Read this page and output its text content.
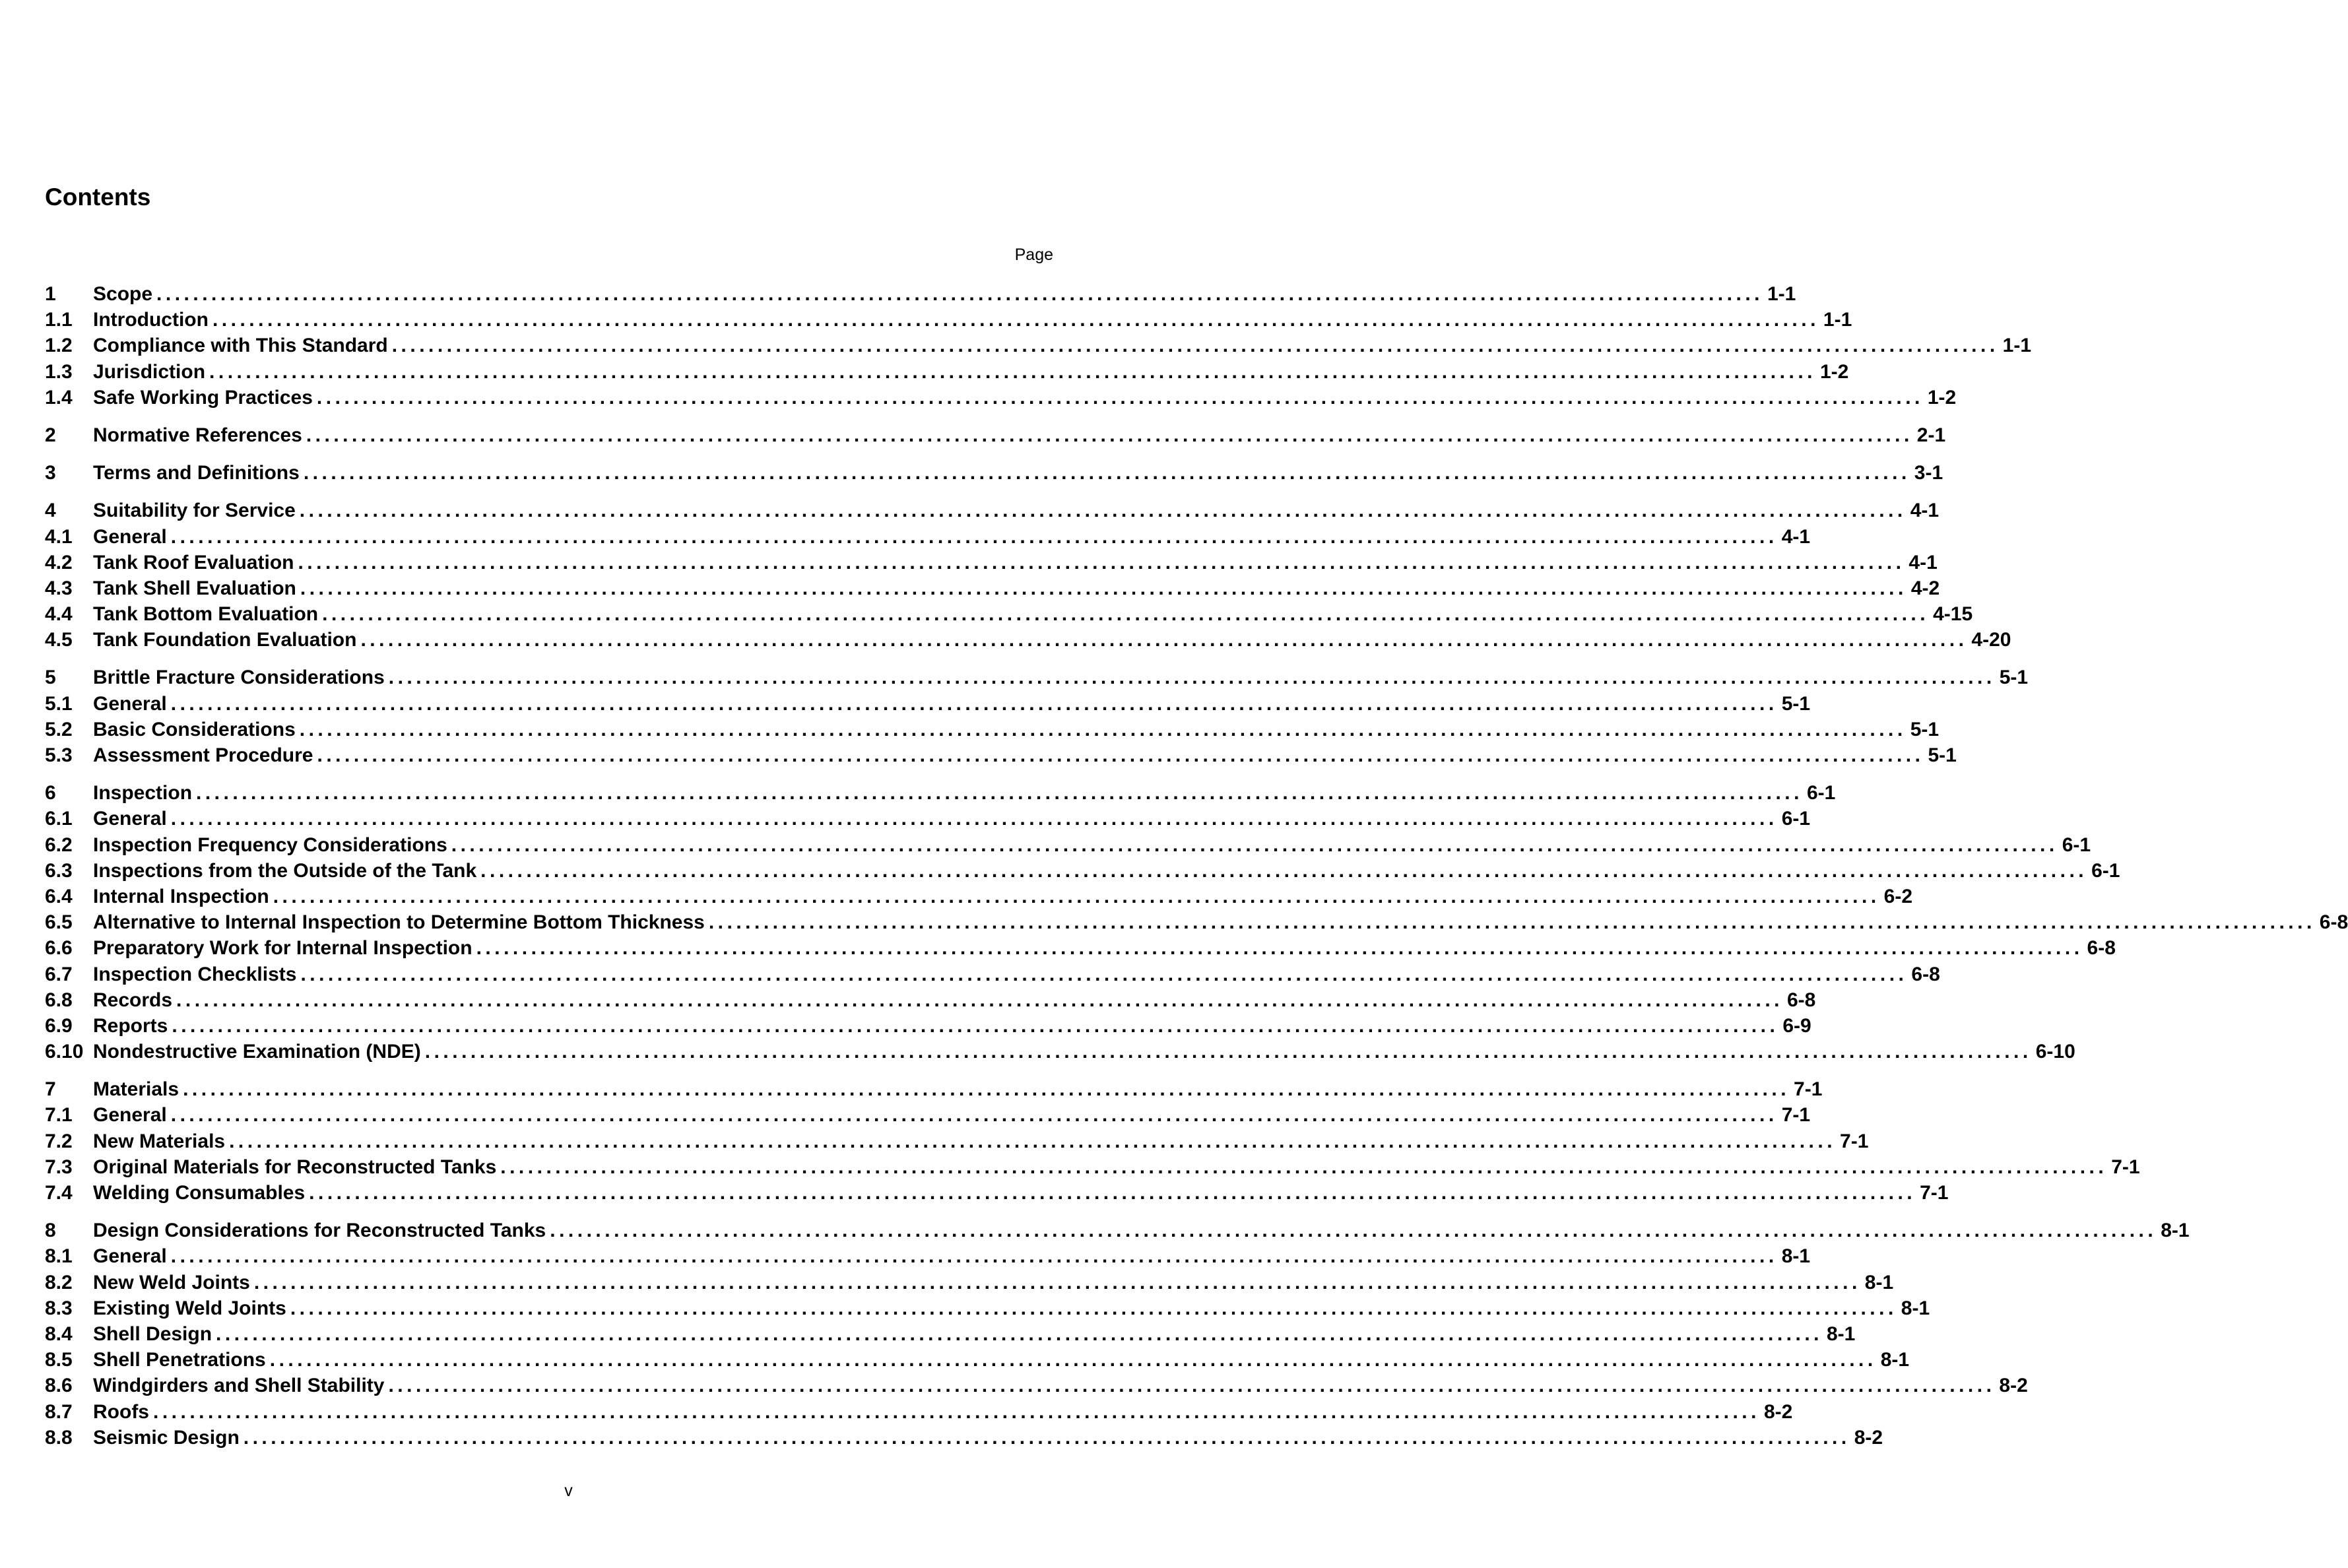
Contents
Page
1	Scope ................................................................................................................................................................................ 1-1
1.1	Introduction ................................................................................................................................................................................ 1-1
1.2	Compliance with This Standard ................................................................................................................................................................................ 1-1
1.3	Jurisdiction ................................................................................................................................................................................ 1-2
1.4	Safe Working Practices ................................................................................................................................................................................ 1-2
2	Normative References ................................................................................................................................................................................ 2-1
3	Terms and Definitions ................................................................................................................................................................................ 3-1
4	Suitability for Service ................................................................................................................................................................................ 4-1
4.1	General ................................................................................................................................................................................ 4-1
4.2	Tank Roof Evaluation ................................................................................................................................................................................ 4-1
4.3	Tank Shell Evaluation ................................................................................................................................................................................ 4-2
4.4	Tank Bottom Evaluation ................................................................................................................................................................................ 4-15
4.5	Tank Foundation Evaluation ................................................................................................................................................................................ 4-20
5	Brittle Fracture Considerations ................................................................................................................................................................................ 5-1
5.1	General ................................................................................................................................................................................ 5-1
5.2	Basic Considerations ................................................................................................................................................................................ 5-1
5.3	Assessment Procedure ................................................................................................................................................................................ 5-1
6	Inspection ................................................................................................................................................................................ 6-1
6.1	General ................................................................................................................................................................................ 6-1
6.2	Inspection Frequency Considerations ................................................................................................................................................................................ 6-1
6.3	Inspections from the Outside of the Tank ................................................................................................................................................................................ 6-1
6.4	Internal Inspection ................................................................................................................................................................................ 6-2
6.5	Alternative to Internal Inspection to Determine Bottom Thickness ................................................................................................................................................................................ 6-8
6.6	Preparatory Work for Internal Inspection ................................................................................................................................................................................ 6-8
6.7	Inspection Checklists ................................................................................................................................................................................ 6-8
6.8	Records ................................................................................................................................................................................ 6-8
6.9	Reports ................................................................................................................................................................................ 6-9
6.10 Nondestructive Examination (NDE) ................................................................................................................................................................................ 6-10
7	Materials ................................................................................................................................................................................ 7-1
7.1	General ................................................................................................................................................................................ 7-1
7.2	New Materials ................................................................................................................................................................................ 7-1
7.3	Original Materials for Reconstructed Tanks ................................................................................................................................................................................ 7-1
7.4	Welding Consumables ................................................................................................................................................................................ 7-1
8	Design Considerations for Reconstructed Tanks ................................................................................................................................................................................ 8-1
8.1	General ................................................................................................................................................................................ 8-1
8.2	New Weld Joints ................................................................................................................................................................................ 8-1
8.3	Existing Weld Joints ................................................................................................................................................................................ 8-1
8.4	Shell Design ................................................................................................................................................................................ 8-1
8.5	Shell Penetrations ................................................................................................................................................................................ 8-1
8.6	Windgirders and Shell Stability ................................................................................................................................................................................ 8-2
8.7	Roofs ................................................................................................................................................................................ 8-2
8.8	Seismic Design ................................................................................................................................................................................ 8-2
v
